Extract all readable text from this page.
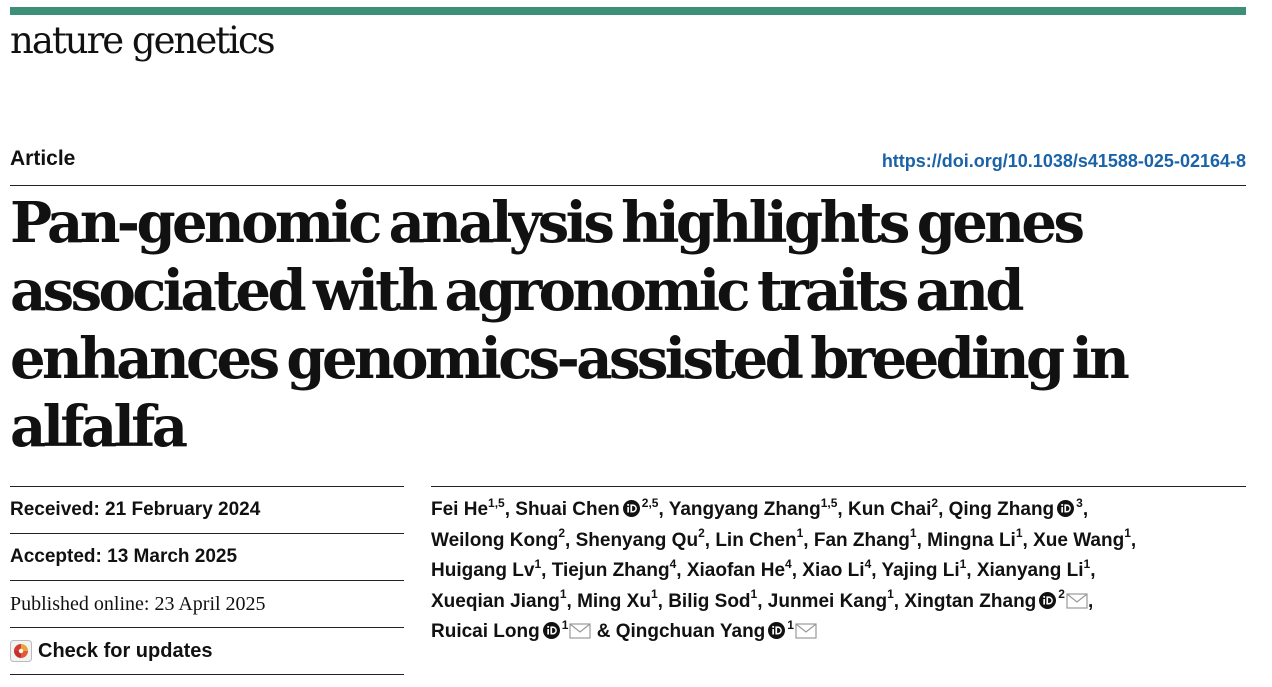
nature genetics
Article	https://doi.org/10.1038/s41588-025-02164-8
Pan-genomic analysis highlights genes associated with agronomic traits and enhances genomics-assisted breeding in alfalfa
Received: 21 February 2024
Accepted: 13 March 2025
Published online: 23 April 2025
Check for updates
Fei He$^{1,5}$, Shuai Chen $^{2,5}$, Yangyang Zhang$^{1,5}$, Kun Chai$^2$, Qing Zhang $^3$,
Weilong Kong$^2$, Shenyang Qu$^2$, Lin Chen$^1$, Fan Zhang$^1$, Mingna Li$^1$, Xue Wang$^1$,
Huigang Lv$^1$, Tiejun Zhang$^4$, Xiaofan He$^4$, Xiao Li$^4$, Yajing Li$^1$, Xianyang Li$^1$,
Xueqian Jiang$^1$, Ming Xu$^1$, Bilig Sod$^1$, Junmei Kang$^1$, Xingtan Zhang $^2$ ,
Ruicai Long $^1$ & Qingchuan Yang $^1$
